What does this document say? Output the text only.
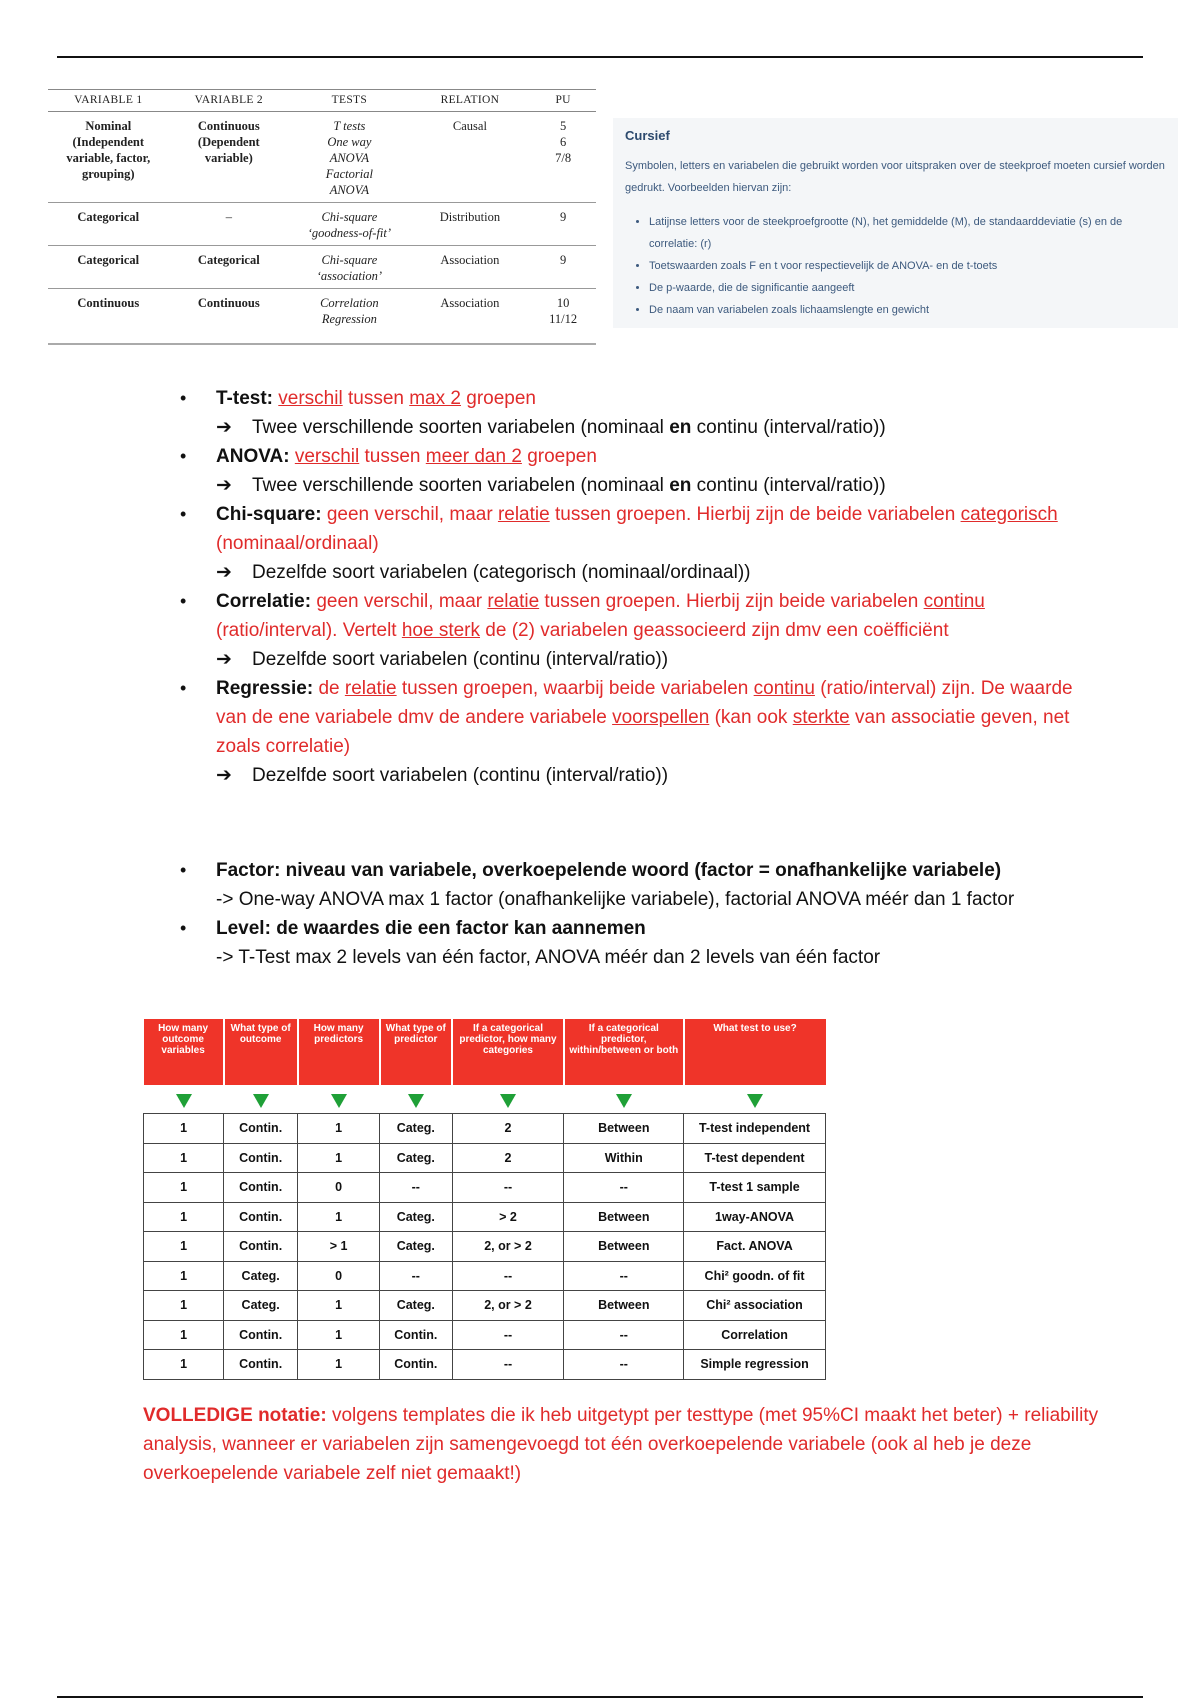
VARIABLE 1	VARIABLE 2	TESTS	RELATION	PU

Nominal
(Independent
variable, factor,
grouping)	Continuous
(Dependent
variable)	T tests
One way
ANOVA
Factorial
ANOVA	Causal	5
6
7/8

Categorical	–	Chi-square
‘goodness-of-fit’	Distribution	9

Categorical	Categorical	Chi-square
‘association’	Association	9

Continuous	Continuous	Correlation
Regression	Association	10
11/12
Cursief

Symbolen, letters en variabelen die gebruikt worden voor uitspraken over de steekproef moeten cursief worden gedrukt. Voorbeelden hiervan zijn:

• Latijnse letters voor de steekproefgrootte (N), het gemiddelde (M), de standaarddeviatie (s) en de correlatie: (r)
• Toetswaarden zoals F en t voor respectievelijk de ANOVA- en de t-toets
• De p-waarde, die de significantie aangeeft
• De naam van variabelen zoals lichaamslengte en gewicht
• T-test: verschil tussen max 2 groepen
➔ Twee verschillende soorten variabelen (nominaal en continu (interval/ratio))
• ANOVA: verschil tussen meer dan 2 groepen
➔ Twee verschillende soorten variabelen (nominaal en continu (interval/ratio))
• Chi-square: geen verschil, maar relatie tussen groepen. Hierbij zijn de beide variabelen categorisch (nominaal/ordinaal)
➔ Dezelfde soort variabelen (categorisch (nominaal/ordinaal))
• Correlatie: geen verschil, maar relatie tussen groepen. Hierbij zijn beide variabelen continu (ratio/interval). Vertelt hoe sterk de (2) variabelen geassocieerd zijn dmv een coëfficiënt
➔ Dezelfde soort variabelen (continu (interval/ratio))
• Regressie: de relatie tussen groepen, waarbij beide variabelen continu (ratio/interval) zijn. De waarde van de ene variabele dmv de andere variabele voorspellen (kan ook sterkte van associatie geven, net zoals correlatie)
➔ Dezelfde soort variabelen (continu (interval/ratio))
• Factor: niveau van variabele, overkoepelende woord (factor = onafhankelijke variabele)
-> One-way ANOVA max 1 factor (onafhankelijke variabele), factorial ANOVA méér dan 1 factor
• Level: de waardes die een factor kan aannemen
-> T-Test max 2 levels van één factor, ANOVA méér dan 2 levels van één factor
How many outcome variables	What type of outcome	How many predictors	What type of predictor	If a categorical predictor, how many categories	If a categorical predictor, within/between or both	What test to use?

1	Contin.	1	Categ.	2	Between	T-test independent
1	Contin.	1	Categ.	2	Within	T-test dependent
1	Contin.	0	--	--	--	T-test 1 sample
1	Contin.	1	Categ.	> 2	Between	1way-ANOVA
1	Contin.	> 1	Categ.	2, or > 2	Between	Fact. ANOVA
1	Categ.	0	--	--	--	Chi² goodn. of fit
1	Categ.	1	Categ.	2, or > 2	Between	Chi² association
1	Contin.	1	Contin.	--	--	Correlation
1	Contin.	1	Contin.	--	--	Simple regression
VOLLEDIGE notatie: volgens templates die ik heb uitgetypt per testtype (met 95%CI maakt het beter) + reliability analysis, wanneer er variabelen zijn samengevoegd tot één overkoepelende variabele (ook al heb je deze overkoepelende variabele zelf niet gemaakt!)
